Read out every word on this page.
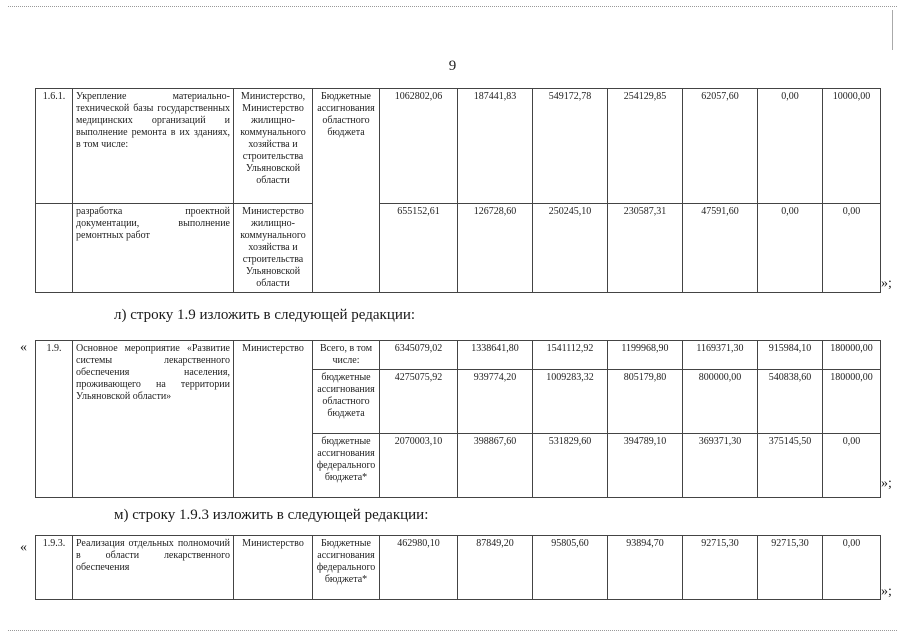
9
1.6.1.	Укрепление материально-технической базы государственных медицинских организаций и выполнение ремонта в их зданиях, в том числе:	Министерство, Министерство жилищно-коммунального хозяйства и строительства Ульяновской области	Бюджетные ассигнования областного бюджета	1062802,06	187441,83	549172,78	254129,85	62057,60	0,00	10000,00
	разработка проектной документации, выполнение ремонтных работ	Министерство жилищно-коммунального хозяйства и строительства Ульяновской области		655152,61	126728,60	250245,10	230587,31	47591,60	0,00	0,00
»;
л) строку 1.9 изложить в следующей редакции:
« 1.9.	Основное мероприятие «Развитие системы лекарственного обеспечения населения, проживающего на территории Ульяновской области»	Министерство	Всего, в том числе:	6345079,02	1338641,80	1541112,92	1199968,90	1169371,30	915984,10	180000,00
			бюджетные ассигнования областного бюджета	4275075,92	939774,20	1009283,32	805179,80	800000,00	540838,60	180000,00
			бюджетные ассигнования федерального бюджета*	2070003,10	398867,60	531829,60	394789,10	369371,30	375145,50	0,00
»;
м) строку 1.9.3 изложить в следующей редакции:
« 1.9.3.	Реализация отдельных полномочий в области лекарственного обеспечения	Министерство	Бюджетные ассигнования федерального бюджета*	462980,10	87849,20	95805,60	93894,70	92715,30	92715,30	0,00
»;
